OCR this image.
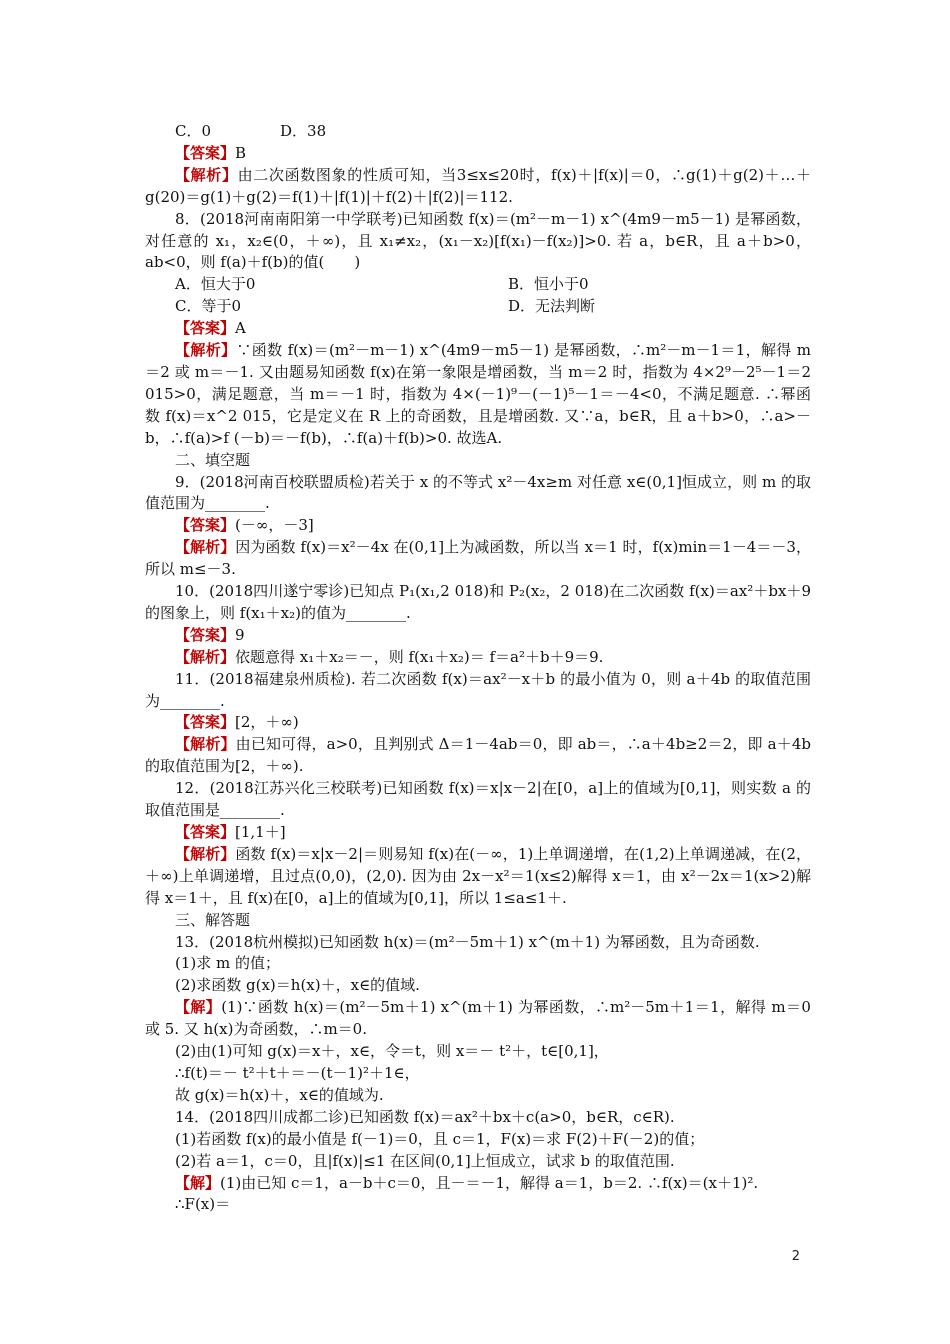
C．0	D．38

【答案】B

【解析】由二次函数图象的性质可知，当3≤x≤20时，f(x)＋|f(x)|＝0，∴g(1)＋g(2)＋…＋g(20)＝g(1)＋g(2)＝f(1)＋|f(1)|＋f(2)＋|f(2)|＝112.

8．(2018河南南阳第一中学联考)已知函数 f(x)＝(m²－m－1) x^(4m9－m5－1) 是幂函数，对任意的 x₁，x₂∈(0，＋∞)，且 x₁≠x₂，(x₁－x₂)[f(x₁)－f(x₂)]>0. 若 a，b∈R，且 a＋b>0，ab<0，则 f(a)＋f(b)的值(　　)

A．恒大于0	B．恒小于0

C．等于0	D．无法判断

【答案】A

【解析】∵函数 f(x)＝(m²－m－1) x^(4m9－m5－1) 是幂函数，∴m²－m－1＝1，解得 m＝2 或 m＝－1. 又由题易知函数 f(x)在第一象限是增函数，当 m＝2 时，指数为 4×2⁹－2⁵－1＝2 015>0，满足题意，当 m＝－1 时，指数为 4×(－1)⁹－(－1)⁵－1＝－4<0，不满足题意. ∴幂函数 f(x)＝x^2 015，它是定义在 R 上的奇函数，且是增函数. 又∵a，b∈R，且 a＋b>0，∴a>－b，∴f(a)>f (－b)＝－f(b)，∴f(a)＋f(b)>0. 故选A.

二、填空题

9．(2018河南百校联盟质检)若关于 x 的不等式 x²－4x≥m 对任意 x∈(0,1]恒成立，则 m 的取值范围为________.

【答案】(－∞，－3]

【解析】因为函数 f(x)＝x²－4x 在(0,1]上为减函数，所以当 x＝1 时，f(x)min＝1－4＝－3，所以 m≤－3.

10．(2018四川遂宁零诊)已知点 P₁(x₁,2 018)和 P₂(x₂，2 018)在二次函数 f(x)＝ax²＋bx＋9 的图象上，则 f(x₁＋x₂)的值为________.

【答案】9

【解析】依题意得 x₁＋x₂＝－，则 f(x₁＋x₂)＝ f＝a²＋b＋9＝9.

11．(2018福建泉州质检). 若二次函数 f(x)＝ax²－x＋b 的最小值为 0，则 a＋4b 的取值范围为________.

【答案】[2，＋∞)

【解析】由已知可得，a>0，且判别式 Δ＝1－4ab＝0，即 ab＝，∴a＋4b≥2＝2，即 a＋4b 的取值范围为[2，＋∞).

12．(2018江苏兴化三校联考)已知函数 f(x)＝x|x－2|在[0，a]上的值域为[0,1]，则实数 a 的取值范围是________.

【答案】[1,1＋]

【解析】函数 f(x)＝x|x－2|＝则易知 f(x)在(－∞，1)上单调递增，在(1,2)上单调递减，在(2，＋∞)上单调递增，且过点(0,0)，(2,0). 因为由 2x－x²＝1(x≤2)解得 x＝1，由 x²－2x＝1(x>2)解得 x＝1＋，且 f(x)在[0，a]上的值域为[0,1]，所以 1≤a≤1＋.

三、解答题

13．(2018杭州模拟)已知函数 h(x)＝(m²－5m＋1) x^(m＋1) 为幂函数，且为奇函数.

(1)求 m 的值；

(2)求函数 g(x)＝h(x)＋，x∈的值域.

【解】(1)∵函数 h(x)＝(m²－5m＋1) x^(m＋1) 为幂函数，∴m²－5m＋1＝1，解得 m＝0 或 5. 又 h(x)为奇函数，∴m＝0.

(2)由(1)可知 g(x)＝x＋，x∈，令＝t，则 x＝－ t²＋，t∈[0,1]，

∴f(t)＝－ t²＋t＋＝－(t－1)²＋1∈，

故 g(x)＝h(x)＋，x∈的值域为.

14．(2018四川成都二诊)已知函数 f(x)＝ax²＋bx＋c(a>0，b∈R，c∈R).

(1)若函数 f(x)的最小值是 f(－1)＝0，且 c＝1，F(x)＝求 F(2)＋F(－2)的值；

(2)若 a＝1，c＝0，且|f(x)|≤1 在区间(0,1]上恒成立，试求 b 的取值范围.

【解】(1)由已知 c＝1，a－b＋c＝0，且－＝－1，解得 a＝1，b＝2. ∴f(x)＝(x＋1)².

∴F(x)＝

2
